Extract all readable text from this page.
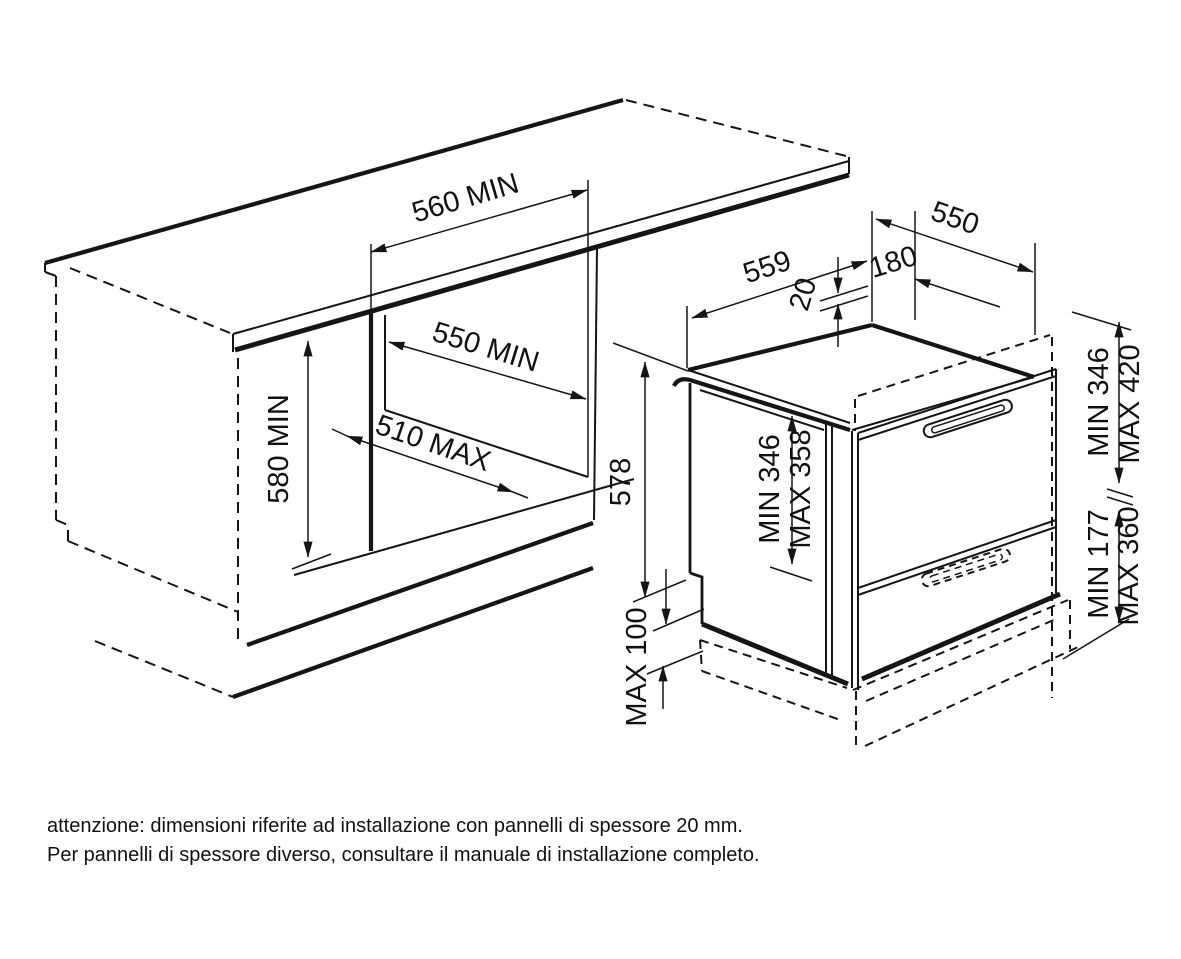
560 MIN
550 MIN
510 MAX
580 MIN	578
559
550
180
20
MIN 346 MAX 358
MIN 346 MAX 420
MIN 177
MAX 360
MAX 100
attenzione: dimensioni riferite ad installazione con pannelli di spessore 20 mm.
Per pannelli di spessore diverso, consultare il manuale di installazione completo.
